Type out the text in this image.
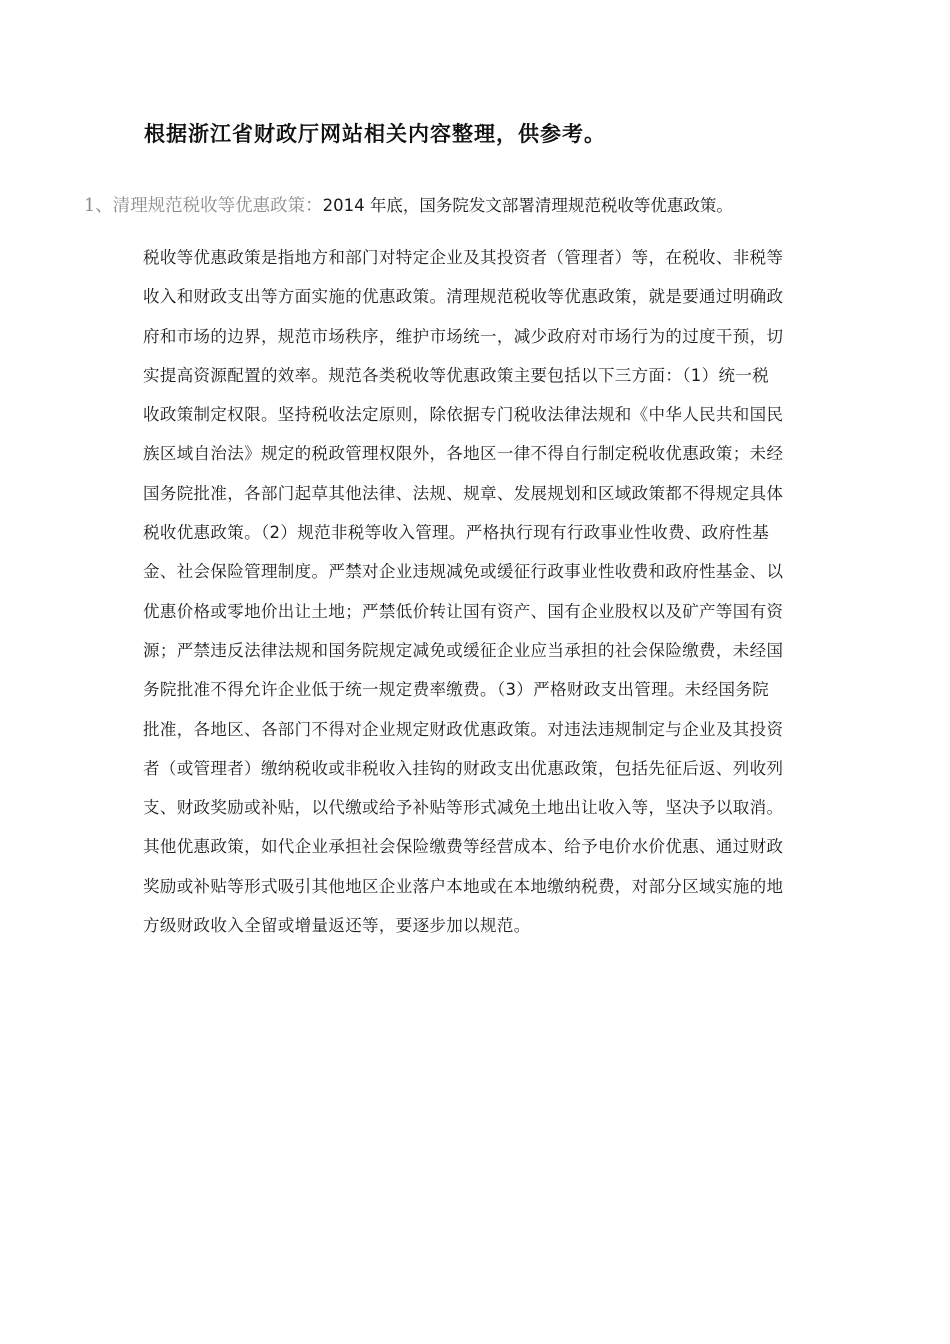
根据浙江省财政厅网站相关内容整理，供参考。
1、清理规范税收等优惠政策：2014 年底，国务院发文部署清理规范税收等优惠政策。
税收等优惠政策是指地方和部门对特定企业及其投资者（管理者）等，在税收、非税等
收入和财政支出等方面实施的优惠政策。清理规范税收等优惠政策，就是要通过明确政
府和市场的边界，规范市场秩序，维护市场统一，减少政府对市场行为的过度干预，切
实提高资源配置的效率。规范各类税收等优惠政策主要包括以下三方面：（1）统一税
收政策制定权限。坚持税收法定原则，除依据专门税收法律法规和《中华人民共和国民
族区域自治法》规定的税政管理权限外，各地区一律不得自行制定税收优惠政策；未经
国务院批准，各部门起草其他法律、法规、规章、发展规划和区域政策都不得规定具体
税收优惠政策。（2）规范非税等收入管理。严格执行现有行政事业性收费、政府性基
金、社会保险管理制度。严禁对企业违规减免或缓征行政事业性收费和政府性基金、以
优惠价格或零地价出让土地；严禁低价转让国有资产、国有企业股权以及矿产等国有资
源；严禁违反法律法规和国务院规定减免或缓征企业应当承担的社会保险缴费，未经国
务院批准不得允许企业低于统一规定费率缴费。（3）严格财政支出管理。未经国务院
批准，各地区、各部门不得对企业规定财政优惠政策。对违法违规制定与企业及其投资
者（或管理者）缴纳税收或非税收入挂钩的财政支出优惠政策，包括先征后返、列收列
支、财政奖励或补贴，以代缴或给予补贴等形式减免土地出让收入等，坚决予以取消。
其他优惠政策，如代企业承担社会保险缴费等经营成本、给予电价水价优惠、通过财政
奖励或补贴等形式吸引其他地区企业落户本地或在本地缴纳税费，对部分区域实施的地
方级财政收入全留或增量返还等，要逐步加以规范。
